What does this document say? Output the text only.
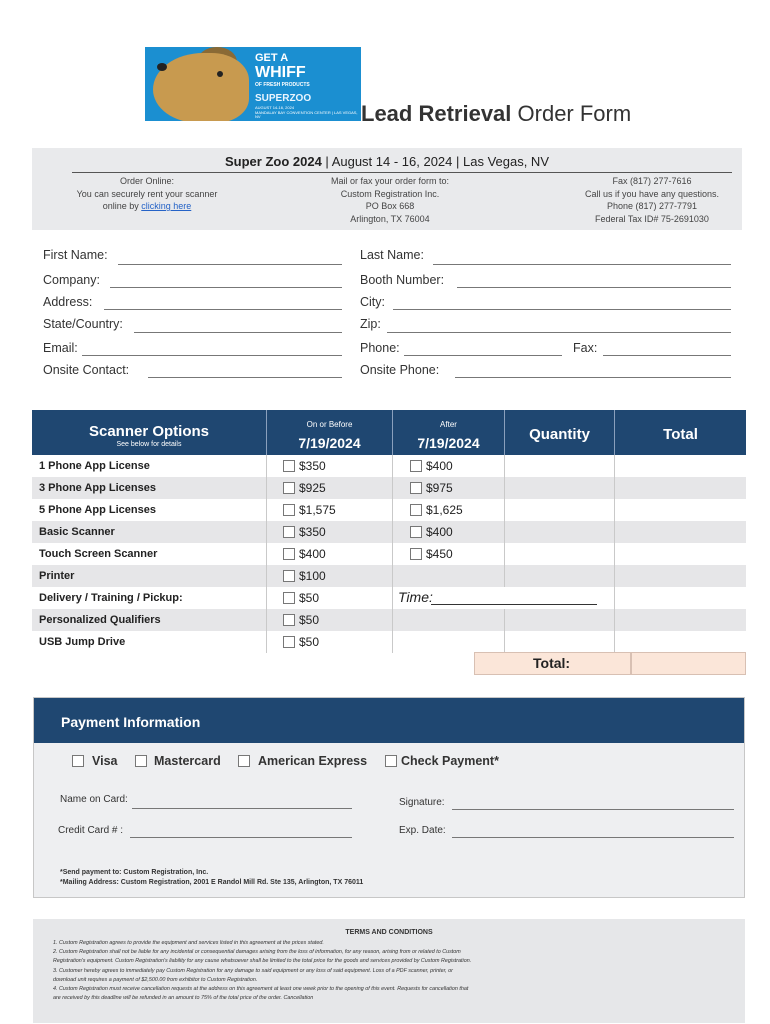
GET A
WHIFF
OF FRESH PRODUCTS
SUPERZOO
AUGUST 14-16, 2024
MANDALAY BAY CONVENTION CENTER | LAS VEGAS, NV	Lead Retrieval Order Form
Super Zoo 2024 | August 14 - 16, 2024 | Las Vegas, NV
Order Online:
You can securely rent your scanner
online by clicking here
Mail or fax your order form to:
Custom Registration Inc.
PO Box 668
Arlington, TX 76004
Fax (817) 277-7616
Call us if you have any questions.
Phone (817) 277-7791
Federal Tax ID# 75-2691030
First Name:	Last Name:
Company:	Booth Number:
Address:	City:
State/Country:	Zip:
Email:	Phone:	Fax:
Onsite Contact:	Onsite Phone:
Scanner Options
See below for details
On or Before
7/19/2024
After
7/19/2024	Quantity	Total
1 Phone App License	$350	$400
3 Phone App Licenses	$925	$975
5 Phone App Licenses	$1,575	$1,625
Basic Scanner	$350	$400
Touch Screen Scanner	$400	$450
Printer	$100
Delivery / Training / Pickup:	$50	Time:
Personalized Qualifiers	$50
USB Jump Drive	$50
Total:
Payment Information
Visa	Mastercard	American Express	Check Payment*
Name on Card:	Signature:
Credit Card # :	Exp. Date:
*Send payment to: Custom Registration, Inc.
*Mailing Address: Custom Registration, 2001 E Randol Mill Rd. Ste 135, Arlington, TX 76011
TERMS AND CONDITIONS
1. Custom Registration agrees to provide the equipment and services listed in this agreement at the prices stated.
2. Custom Registration shall not be liable for any incidental or consequential damages arising from the loss of information, for any reason, arising from or related to Custom Registration's equipment. Custom Registration's liability for any cause whatsoever shall be limited to the total price for the goods and services provided by Custom Registration.
3. Customer hereby agrees to immediately pay Custom Registration for any damage to said equipment or any loss of said equipment. Loss of a PDF scanner, printer, or download unit requires a payment of $2,500.00 from exhibitor to Custom Registration.
4. Custom Registration must receive cancellation requests at the address on this agreement at least one week prior to the opening of this event. Requests for cancellation that are received by this deadline will be refunded in an amount to 75% of the total price of the order. Cancellation
